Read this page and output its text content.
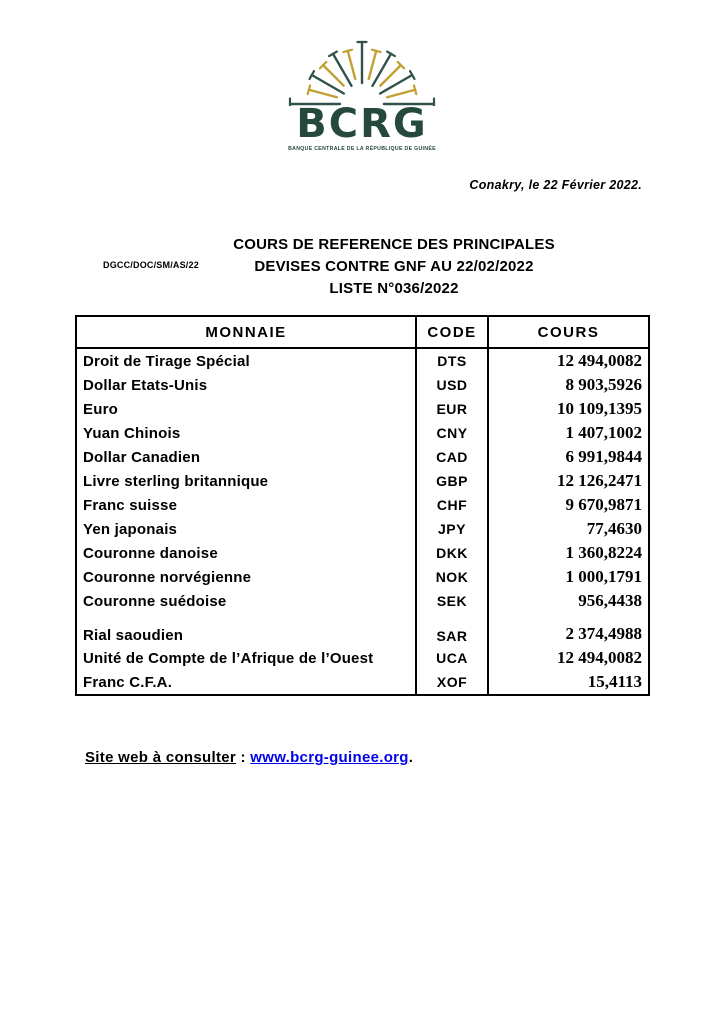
BCRG
BANQUE CENTRALE DE LA RÉPUBLIQUE DE GUINÉE
Conakry, le 22 Février 2022.
DGCC/DOC/SM/AS/22
COURS DE REFERENCE DES PRINCIPALES
DEVISES CONTRE GNF AU 22/02/2022
LISTE N°036/2022
MONNAIE	CODE	COURS
Droit de Tirage Spécial	DTS	12 494,0082
Dollar Etats-Unis	USD	8 903,5926
Euro	EUR	10 109,1395
Yuan Chinois	CNY	1 407,1002
Dollar Canadien	CAD	6 991,9844
Livre sterling britannique	GBP	12 126,2471
Franc suisse	CHF	9 670,9871
Yen japonais	JPY	77,4630
Couronne danoise	DKK	1 360,8224
Couronne norvégienne	NOK	1 000,1791
Couronne suédoise	SEK	956,4438
Rial saoudien	SAR	2 374,4988
Unité de Compte de l’Afrique de l’Ouest	UCA	12 494,0082
Franc C.F.A.	XOF	15,4113
Site web à consulter : www.bcrg-guinee.org.
